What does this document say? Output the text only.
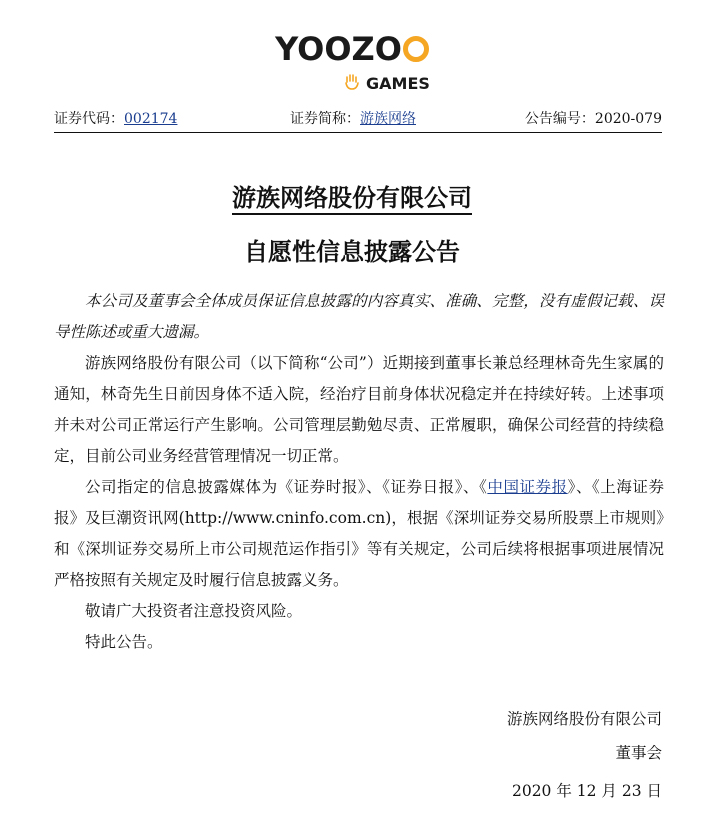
YOOZO
GAMES
证券代码：002174	证券简称：游族网络	公告编号：2020-079
游族网络股份有限公司
自愿性信息披露公告

本公司及董事会全体成员保证信息披露的内容真实、准确、完整，没有虚假记载、误导性陈述或重大遗漏。

游族网络股份有限公司（以下简称“公司”）近期接到董事长兼总经理林奇先生家属的通知，林奇先生日前因身体不适入院，经治疗目前身体状况稳定并在持续好转。上述事项并未对公司正常运行产生影响。公司管理层勤勉尽责、正常履职，确保公司经营的持续稳定，目前公司业务经营管理情况一切正常。

公司指定的信息披露媒体为《证券时报》、《证券日报》、《中国证券报》、《上海证券报》及巨潮资讯网(http://www.cninfo.com.cn)，根据《深圳证券交易所股票上市规则》和《深圳证券交易所上市公司规范运作指引》等有关规定，公司后续将根据事项进展情况严格按照有关规定及时履行信息披露义务。

敬请广大投资者注意投资风险。

特此公告。

游族网络股份有限公司
董事会
2020 年 12 月 23 日
